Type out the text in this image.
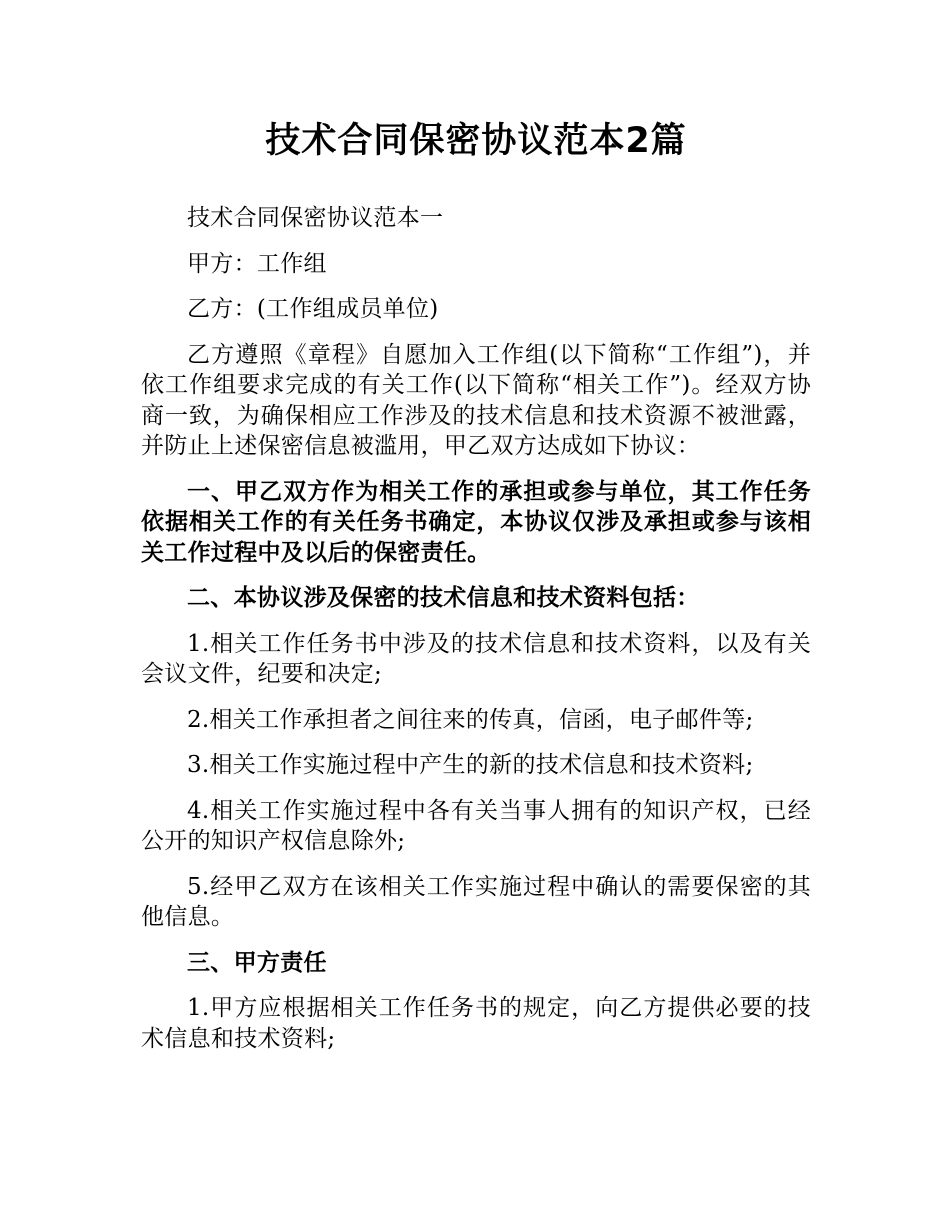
技术合同保密协议范本2篇

技术合同保密协议范本一

甲方：工作组

乙方：(工作组成员单位)

乙方遵照《章程》自愿加入工作组(以下简称“工作组”)，并依工作组要求完成的有关工作(以下简称“相关工作”)。经双方协商一致，为确保相应工作涉及的技术信息和技术资源不被泄露，并防止上述保密信息被滥用，甲乙双方达成如下协议：

一、甲乙双方作为相关工作的承担或参与单位，其工作任务依据相关工作的有关任务书确定，本协议仅涉及承担或参与该相关工作过程中及以后的保密责任。

二、本协议涉及保密的技术信息和技术资料包括：

1.相关工作任务书中涉及的技术信息和技术资料，以及有关会议文件，纪要和决定;

2.相关工作承担者之间往来的传真，信函，电子邮件等;

3.相关工作实施过程中产生的新的技术信息和技术资料;

4.相关工作实施过程中各有关当事人拥有的知识产权，已经公开的知识产权信息除外;

5.经甲乙双方在该相关工作实施过程中确认的需要保密的其他信息。

三、甲方责任

1.甲方应根据相关工作任务书的规定，向乙方提供必要的技术信息和技术资料;
